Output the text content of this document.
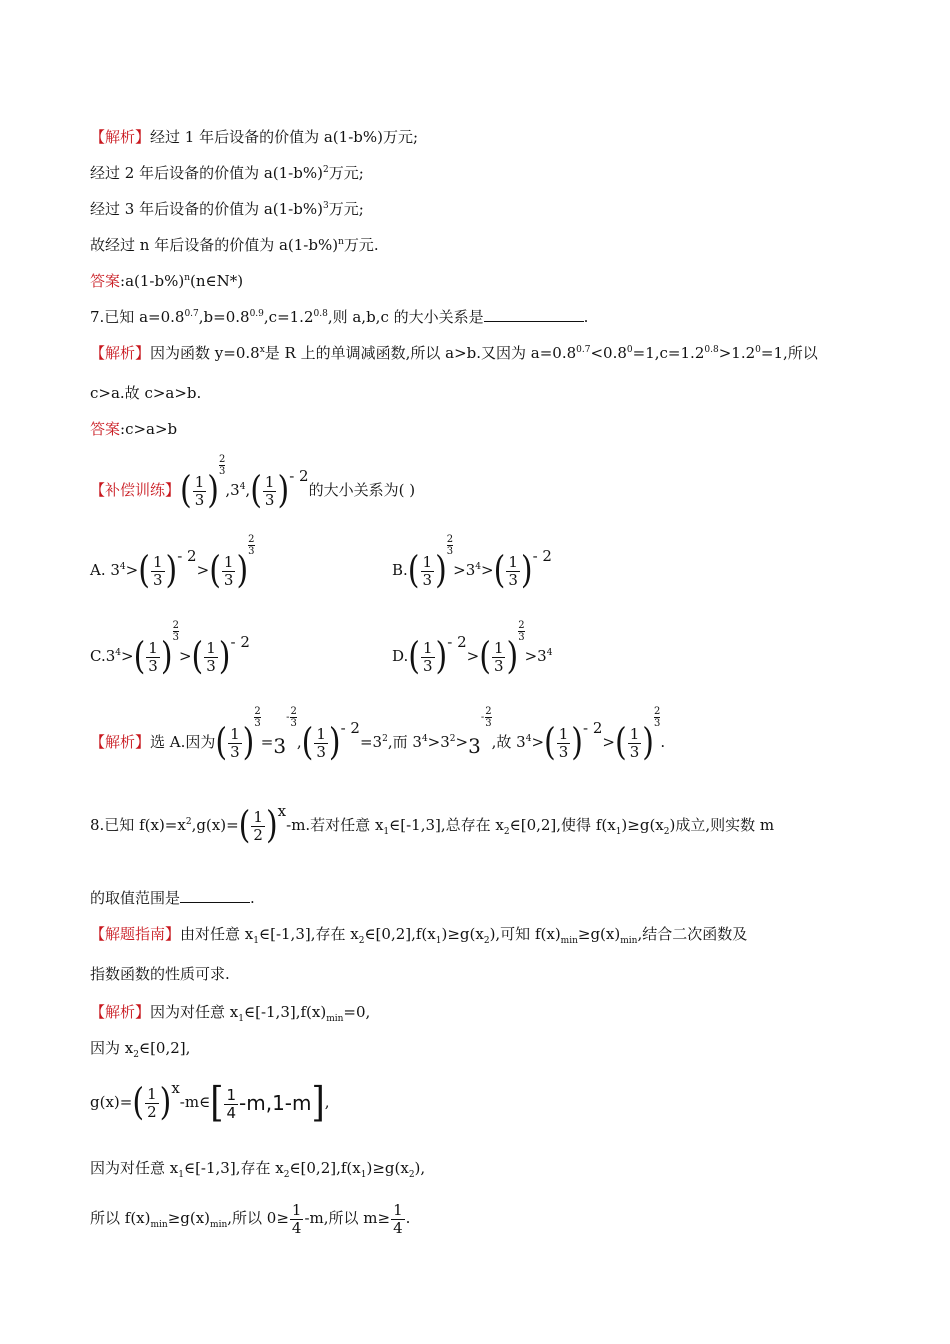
【解析】经过 1 年后设备的价值为 a(1-b%)万元;
经过 2 年后设备的价值为 $a(1-b\%)^2$万元;
经过 3 年后设备的价值为 $a(1-b\%)^3$万元;
故经过 n 年后设备的价值为 $a(1-b\%)^n$万元.
答案$:a(1-b\%)^n(n\in N*)$
7.已知 $a=0.8^{0.7},b=0.8^{0.9},c=1.2^{0.8}$,则 a,b,c 的大小关系是	.
【解析】因为函数 $y=0.8^x$是 R 上的单调减函数,所以 a>b.又因为 $a=0.8^{0.7}<0.8^0=1,c=1.2^{0.8}>1.2^0=1$,所以
c>a.故 c>a>b.
答案:c>a>b
【补偿训练】 ( $\frac{1}{3}$ )
$\frac{2}{3}$
$,3^4$, ( $\frac{1}{3}$ ) - 2的大小关系为( )
A. $3^4>$ ( $\frac{1}{3}$ ) - 2> ( $\frac{1}{3}$ )
$\frac{2}{3}$
B. ( $\frac{1}{3}$ )
$\frac{2}{3}$
$>3^4>$ ( $\frac{1}{3}$ ) - 2
$C.3^4>$ ( $\frac{1}{3}$ )
$\frac{2}{3}$
> ( $\frac{1}{3}$ ) - 2
D. ( $\frac{1}{3}$ ) - 2> ( $\frac{1}{3}$ )
$\frac{2}{3}$
$>3^4$
【解析】选 A.因为 ( $\frac{1}{3}$ )
$\frac{2}{3}$
=3
-
2
3
, ( $\frac{1}{3}$ ) - $2=3^2$,而 $3^4>3^2>3$
-
2
3
,故 $3^4>$ ( $\frac{1}{3}$ ) - 2> ( $\frac{1}{3}$ )
$\frac{2}{3}$
.
8.已知 $f(x)=x^2,g(x)=$ ( $\frac{1}{2}$ ) x-m.若对任意 $x_1\in[-1,3]$,总存在 $x_2\in[0,2]$,使得 $f(x_1)\ge g(x_2)$成立,则实数 m
的取值范围是	.
【解题指南】由对任意 $x_1\in[-1,3]$,存在 $x_2\in[0,2],f(x_1)\ge g(x_2)$,可知 $f(x)_{min}\ge g(x)_{min}$,结合二次函数及
指数函数的性质可求.
【解析】因为对任意 $x_1\in[-1,3],f(x)_{min}=0$,
因为 $x_2\in[0,2]$,
g(x)= ( $\frac{1}{2}$ ) x-m∈[ $\frac{1}{4} -m,1-m$],
因为对任意 $x_1\in[-1,3]$,存在 $x_2\in[0,2],f(x_1)\ge g(x_2)$,
所以 $f(x)_{min}\ge g(x)_{min}$,所以 $0\ge \frac{1}{4} -m$,所以 $m\ge \frac{1}{4}$ .
